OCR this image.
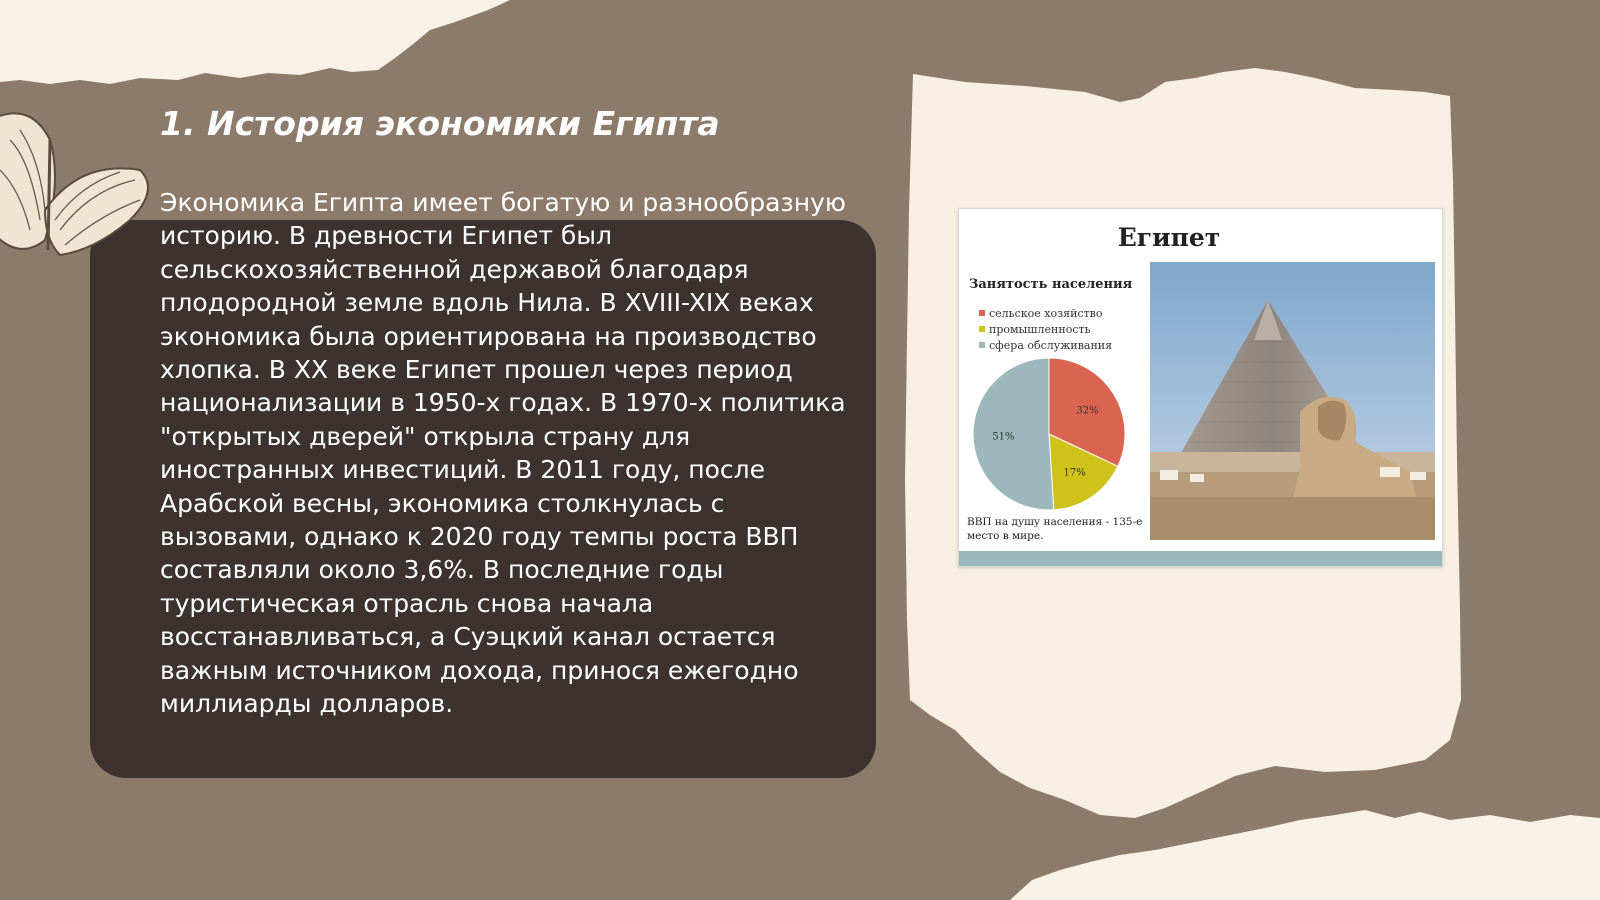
1. История экономики Египта

Экономика Египта имеет богатую и разнообразную историю. В древности Египет был сельскохозяйственной державой благодаря плодородной земле вдоль Нила. В XVIII-XIX веках экономика была ориентирована на производство хлопка. В XX веке Египет прошел через период национализации в 1950-х годах. В 1970-х политика "открытых дверей" открыла страну для иностранных инвестиций. В 2011 году, после Арабской весны, экономика столкнулась с вызовами, однако к 2020 году темпы роста ВВП составляли около 3,6%. В последние годы туристическая отрасль снова начала восстанавливаться, а Суэцкий канал остается важным источником дохода, принося ежегодно миллиарды долларов.

Египет
Занятость населения
сельское хозяйство
промышленность
сфера обслуживания
32%
17%
51%

ВВП на душу населения - 135-е место в мире.
